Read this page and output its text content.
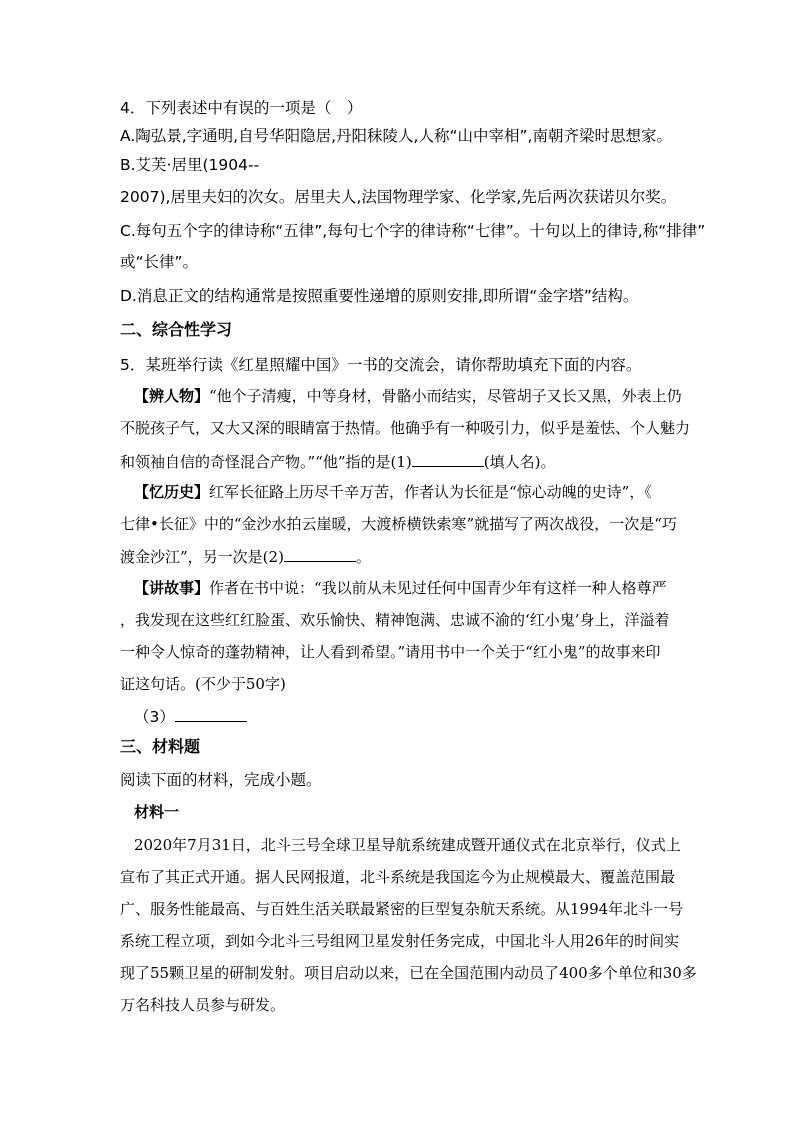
4．下列表述中有误的一项是（　）
A.陶弘景,字通明,自号华阳隐居,丹阳秣陵人,人称“山中宰相”,南朝齐梁时思想家。
B.艾芙·居里(1904--
2007),居里夫妇的次女。居里夫人,法国物理学家、化学家,先后两次获诺贝尔奖。
C.每句五个字的律诗称“五律”,每句七个字的律诗称“七律”。十句以上的律诗,称“排律”
或“长律”。
D.消息正文的结构通常是按照重要性递增的原则安排,即所谓“金字塔”结构。
二、综合性学习
5．某班举行读《红星照耀中国》一书的交流会，请你帮助填充下面的内容。
【辨人物】“他个子清瘦，中等身材，骨骼小而结实，尽管胡子又长又黑，外表上仍
不脱孩子气，又大又深的眼睛富于热情。他确乎有一种吸引力，似乎是羞怯、个人魅力
和领袖自信的奇怪混合产物。”“他”指的是(1)	(填人名)。
【忆历史】红军长征路上历尽千辛万苦，作者认为长征是“惊心动魄的史诗”，《
七律•长征》中的“金沙水拍云崖暖，大渡桥横铁索寒”就描写了两次战役，一次是“巧
渡金沙江”，另一次是(2)	。
【讲故事】作者在书中说：“我以前从未见过任何中国青少年有这样一种人格尊严
，我发现在这些红红脸蛋、欢乐愉快、精神饱满、忠诚不渝的‘红小鬼’身上，洋溢着
一种令人惊奇的蓬勃精神，让人看到希望。”请用书中一个关于“红小鬼”的故事来印
证这句话。(不少于50字)
（3）
三、材料题
阅读下面的材料，完成小题。
材料一
2020年7月31日，北斗三号全球卫星导航系统建成暨开通仪式在北京举行，仪式上
宣布了其正式开通。据人民网报道，北斗系统是我国迄今为止规模最大、覆盖范围最
广、服务性能最高、与百姓生活关联最紧密的巨型复杂航天系统。从1994年北斗一号
系统工程立项，到如今北斗三号组网卫星发射任务完成，中国北斗人用26年的时间实
现了55颗卫星的研制发射。项目启动以来，已在全国范围内动员了400多个单位和30多
万名科技人员参与研发。
